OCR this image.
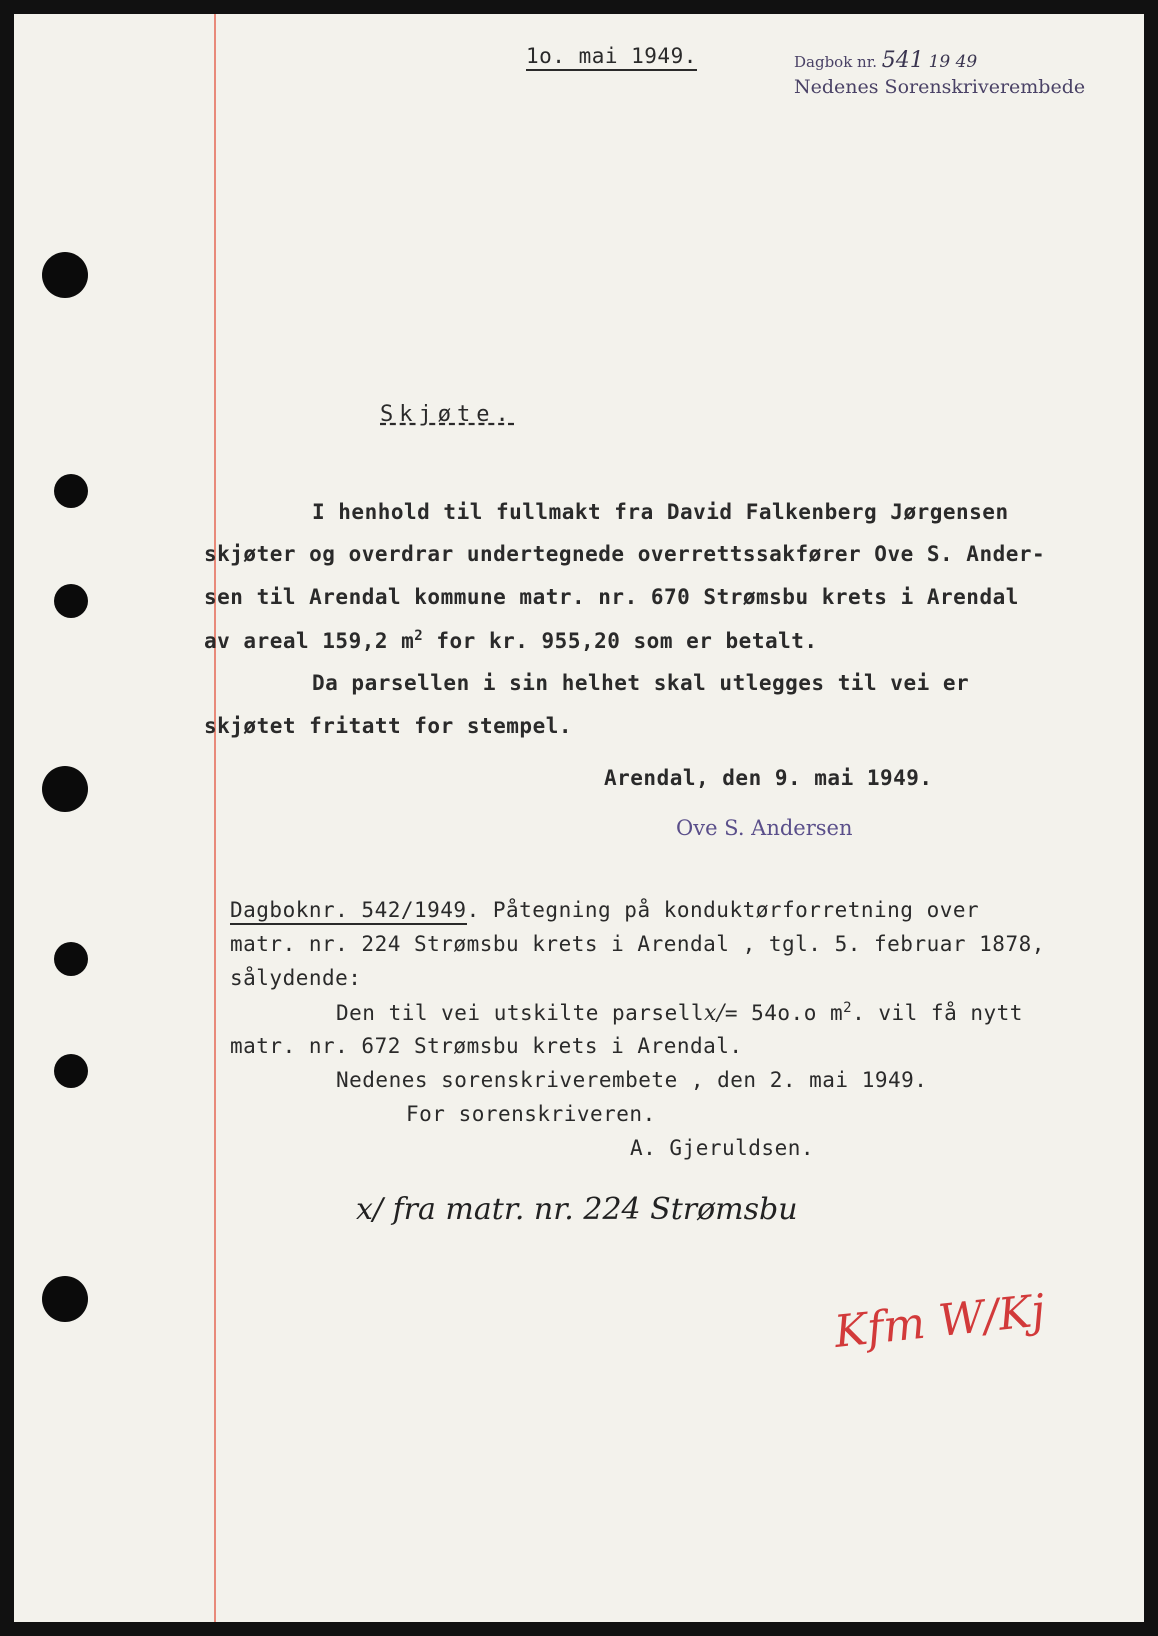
1o. mai 1949.	Dagbok nr. 541 19 49
Nedenes Sorenskriverembede
Skjøte.
I henhold til fullmakt fra David Falkenberg Jørgensen
skjøter og overdrar undertegnede overrettssakfører Ove S. Ander-
sen til Arendal kommune matr. nr. 670 Strømsbu krets i Arendal
av areal 159,2 $m^2$ for kr. 955,20 som er betalt.
Da parsellen i sin helhet skal utlegges til vei er
skjøtet fritatt for stempel.
Arendal, den 9. mai 1949.
Ove S. Andersen
Dagboknr. 542/1949. Påtegning på konduktørforretning over
matr. nr. 224 Strømsbu krets i Arendal , tgl. 5. februar 1878,
sålydende:
Den til vei utskilte parsellx/= 54o.o $m^2$. vil få nytt
matr. nr. 672 Strømsbu krets i Arendal.
Nedenes sorenskriverembete , den 2. mai 1949.
For sorenskriveren.
A. Gjeruldsen.
x/ fra matr. nr. 224 Strømsbu
Kfm W/Kj
